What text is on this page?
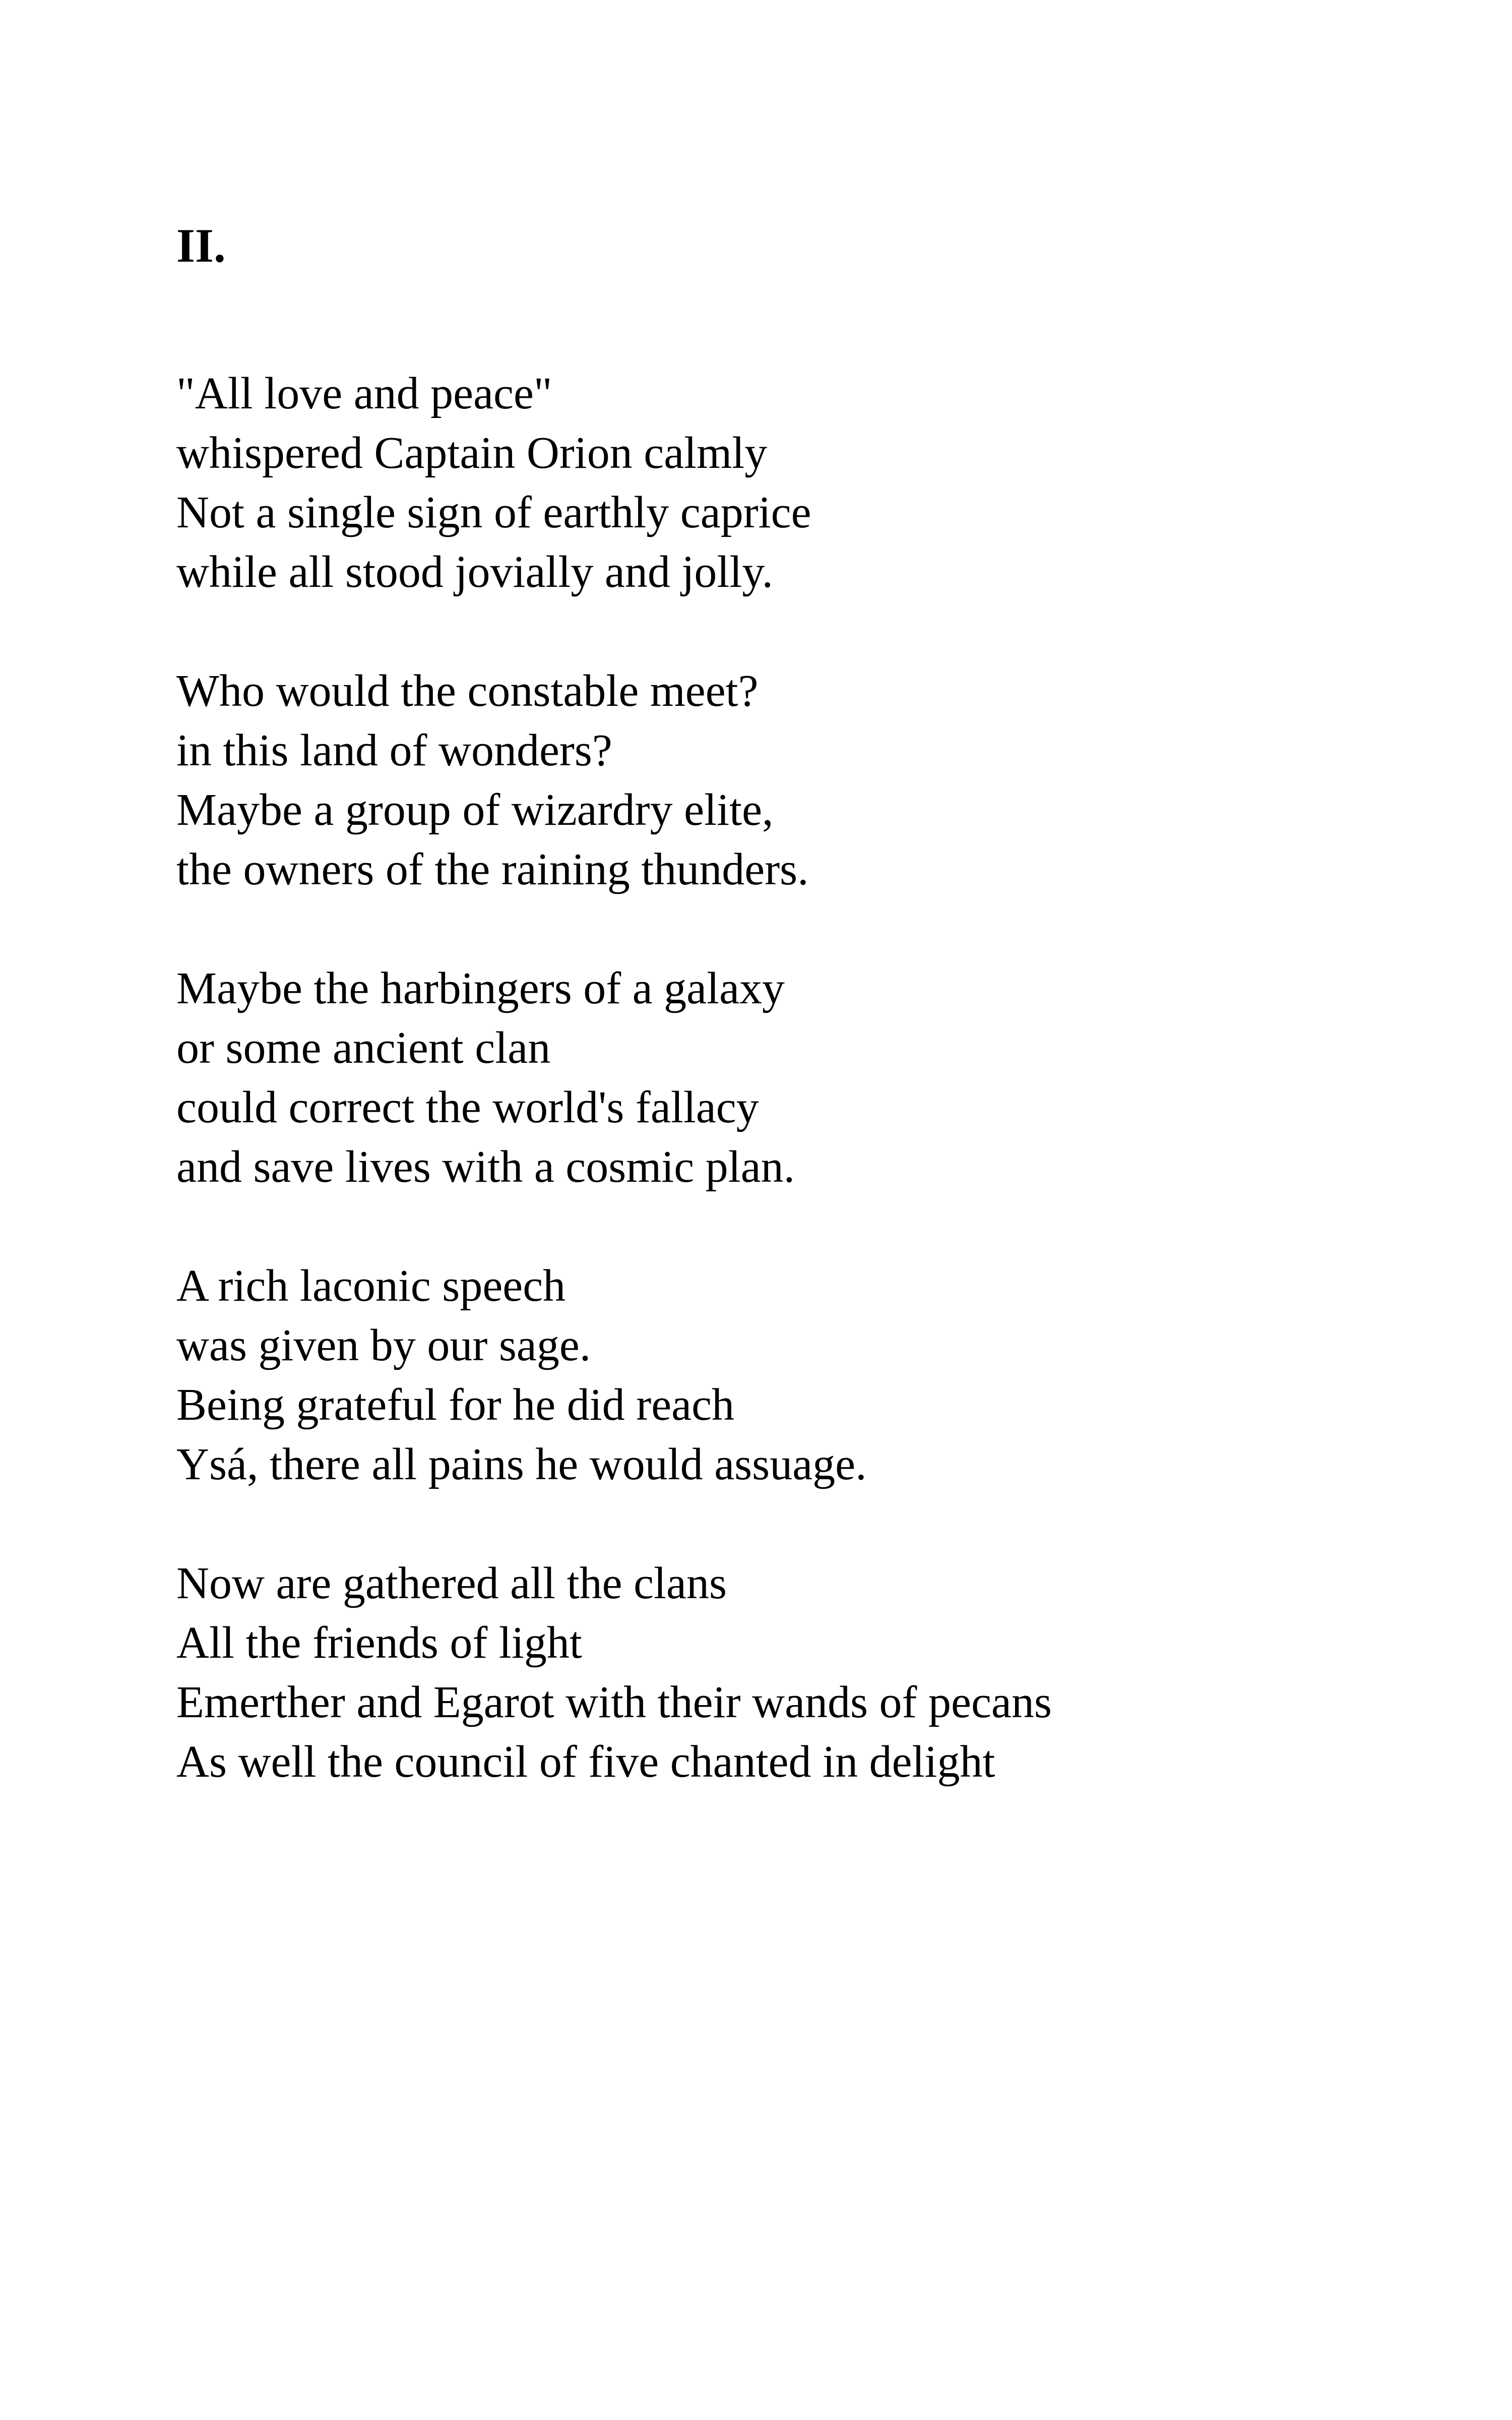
II.
"All love and peace"
whispered Captain Orion calmly
Not a single sign of earthly caprice
while all stood jovially and jolly.
Who would the constable meet?
in this land of wonders?
Maybe a group of wizardry elite,
the owners of the raining thunders.
Maybe the harbingers of a galaxy
or some ancient clan
could correct the world's fallacy
and save lives with a cosmic plan.
A rich laconic speech
was given by our sage.
Being grateful for he did reach
Ysá, there all pains he would assuage.
Now are gathered all the clans
All the friends of light
Emerther and Egarot with their wands of pecans
As well the council of five chanted in delight
